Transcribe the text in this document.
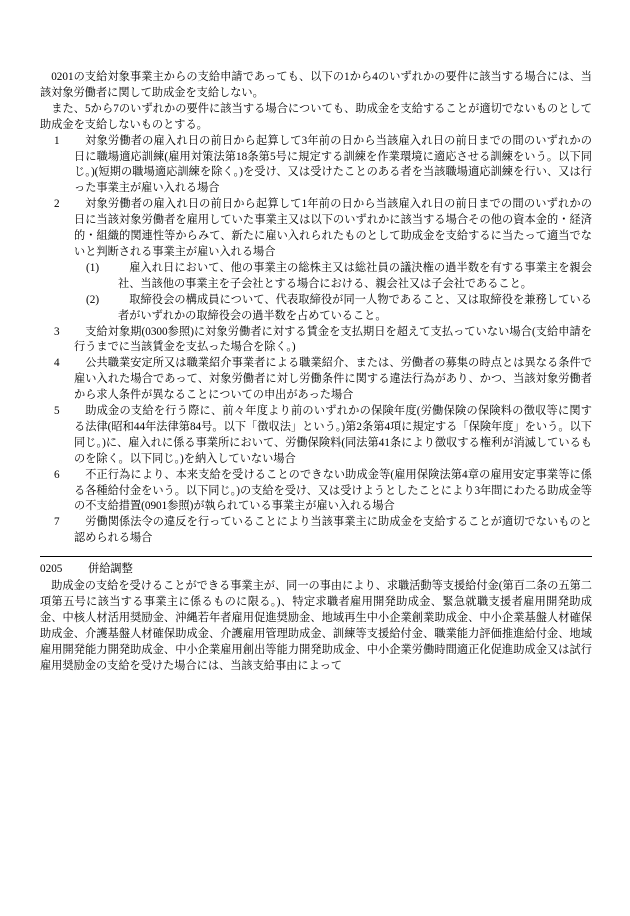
0201の支給対象事業主からの支給申請であっても、以下の1から4のいずれかの要件に該当する場合には、当該対象労働者に関して助成金を支給しない。

また、5から7のいずれかの要件に該当する場合についても、助成金を支給することが適切でないものとして助成金を支給しないものとする。

1	対象労働者の雇入れ日の前日から起算して3年前の日から当該雇入れ日の前日までの間のいずれかの日に職場適応訓練(雇用対策法第18条第5号に規定する訓練を作業環境に適応させる訓練をいう。以下同じ。)(短期の職場適応訓練を除く。)を受け、又は受けたことのある者を当該職場適応訓練を行い、又は行った事業主が雇い入れる場合
2	対象労働者の雇入れ日の前日から起算して1年前の日から当該雇入れ日の前日までの間のいずれかの日に当該対象労働者を雇用していた事業主又は以下のいずれかに該当する場合その他の資本金的・経済的・組織的関連性等からみて、新たに雇い入れられたものとして助成金を支給するに当たって適当でないと判断される事業主が雇い入れる場合
(1)	雇入れ日において、他の事業主の総株主又は総社員の議決権の過半数を有する事業主を親会社、当該他の事業主を子会社とする場合における、親会社又は子会社であること。
(2)	取締役会の構成員について、代表取締役が同一人物であること、又は取締役を兼務している者がいずれかの取締役会の過半数を占めていること。
3	支給対象期(0300参照)に対象労働者に対する賃金を支払期日を超えて支払っていない場合(支給申請を行うまでに当該賃金を支払った場合を除く。)
4	公共職業安定所又は職業紹介事業者による職業紹介、または、労働者の募集の時点とは異なる条件で雇い入れた場合であって、対象労働者に対し労働条件に関する違法行為があり、かつ、当該対象労働者から求人条件が異なることについての申出があった場合
5	助成金の支給を行う際に、前々年度より前のいずれかの保険年度(労働保険の保険料の徴収等に関する法律(昭和44年法律第84号。以下「徴収法」という。)第2条第4項に規定する「保険年度」をいう。以下同じ。)に、雇入れに係る事業所において、労働保険料(同法第41条により徴収する権利が消滅しているものを除く。以下同じ。)を納入していない場合
6	不正行為により、本来支給を受けることのできない助成金等(雇用保険法第4章の雇用安定事業等に係る各種給付金をいう。以下同じ。)の支給を受け、又は受けようとしたことにより3年間にわたる助成金等の不支給措置(0901参照)が執られている事業主が雇い入れる場合
7	労働関係法令の違反を行っていることにより当該事業主に助成金を支給することが適切でないものと認められる場合
0205	併給調整

助成金の支給を受けることができる事業主が、同一の事由により、求職活動等支援給付金(第百二条の五第二項第五号に該当する事業主に係るものに限る。)、特定求職者雇用開発助成金、緊急就職支援者雇用開発助成金、中核人材活用奨励金、沖縄若年者雇用促進奨励金、地域再生中小企業創業助成金、中小企業基盤人材確保助成金、介護基盤人材確保助成金、介護雇用管理助成金、訓練等支援給付金、職業能力評価推進給付金、地域雇用開発能力開発助成金、中小企業雇用創出等能力開発助成金、中小企業労働時間適正化促進助成金又は試行雇用奨励金の支給を受けた場合には、当該支給事由によって
